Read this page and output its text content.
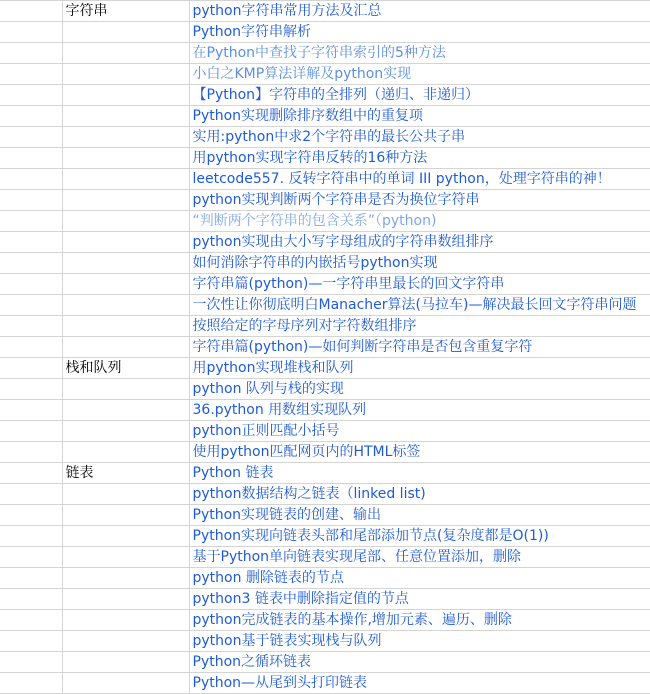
	字符串	python字符串常用方法及汇总
		Python字符串解析
		在Python中查找子字符串索引的5种方法
		小白之KMP算法详解及python实现
		【Python】字符串的全排列（递归、非递归）
		Python实现删除排序数组中的重复项
		实用:python中求2个字符串的最长公共子串
		用python实现字符串反转的16种方法
		leetcode557. 反转字符串中的单词 III python，处理字符串的神！
		python实现判断两个字符串是否为换位字符串
		“判断两个字符串的包含关系”（python)
		python实现由大小写字母组成的字符串数组排序
		如何消除字符串的内嵌括号python实现
		字符串篇(python)—一字符串里最长的回文字符串
		一次性让你彻底明白Manacher算法(马拉车)—解决最长回文字符串问题
		按照给定的字母序列对字符数组排序
		字符串篇(python)—如何判断字符串是否包含重复字符
	栈和队列	用python实现堆栈和队列
		python 队列与栈的实现
		36.python 用数组实现队列
		python正则匹配小括号
		使用python匹配网页内的HTML标签
	链表	Python 链表
		python数据结构之链表（linked list)
		Python实现链表的创建、输出
		Python实现向链表头部和尾部添加节点(复杂度都是O(1))
		基于Python单向链表实现尾部、任意位置添加，删除
		python 删除链表的节点
		python3 链表中删除指定值的节点
		python完成链表的基本操作,增加元素、遍历、删除
		python基于链表实现栈与队列
		Python之循环链表
		Python—从尾到头打印链表
